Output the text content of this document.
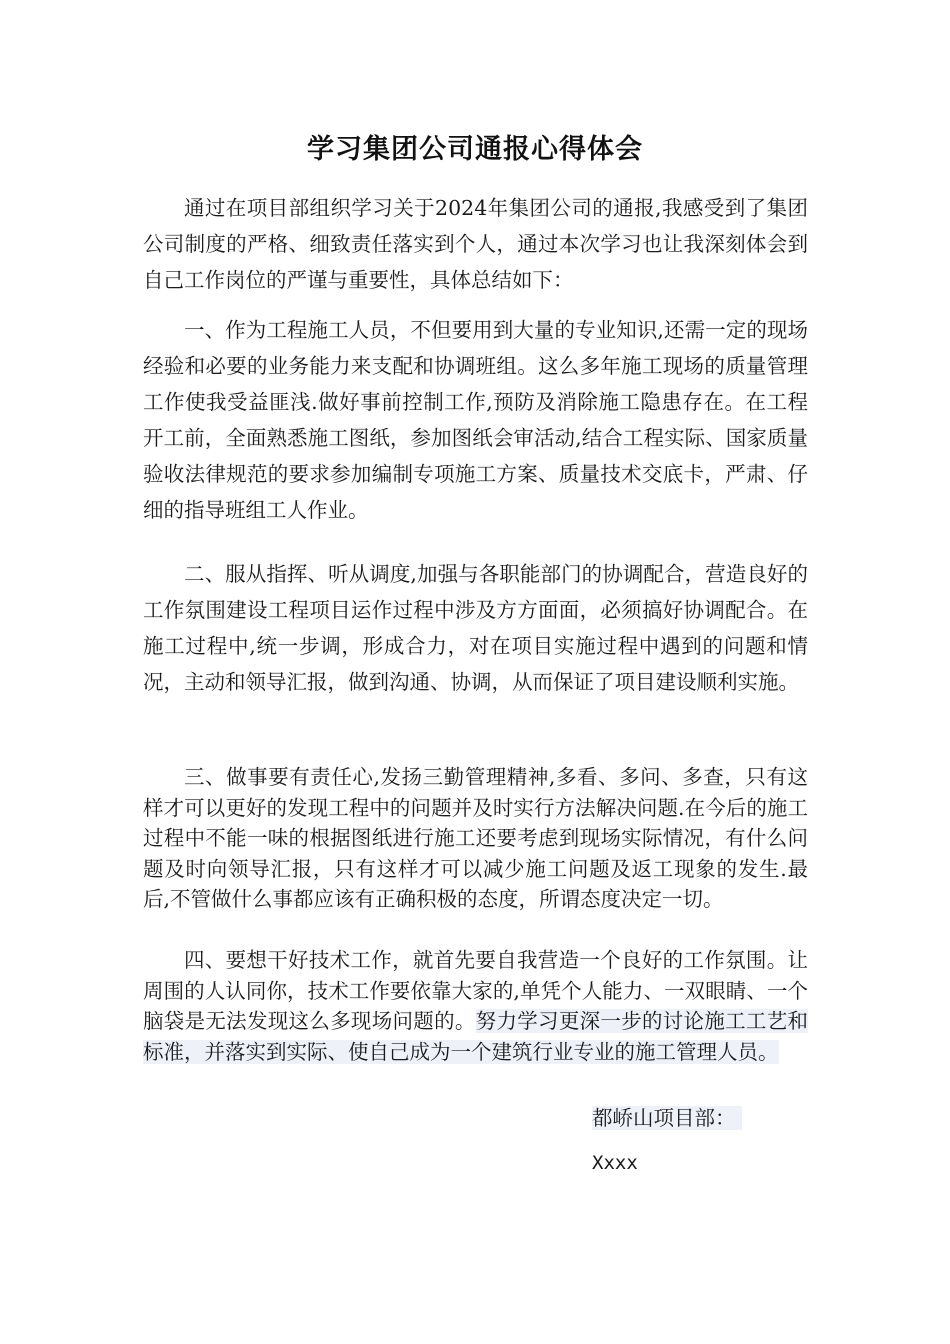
学习集团公司通报心得体会

通过在项目部组织学习关于2024年集团公司的通报,我感受到了集团公司制度的严格、细致责任落实到个人，通过本次学习也让我深刻体会到自己工作岗位的严谨与重要性，具体总结如下：

一、作为工程施工人员，不但要用到大量的专业知识,还需一定的现场经验和必要的业务能力来支配和协调班组。这么多年施工现场的质量管理工作使我受益匪浅.做好事前控制工作,预防及消除施工隐患存在。在工程开工前，全面熟悉施工图纸，参加图纸会审活动,结合工程实际、国家质量验收法律规范的要求参加编制专项施工方案、质量技术交底卡，严肃、仔细的指导班组工人作业。

二、服从指挥、听从调度,加强与各职能部门的协调配合，营造良好的工作氛围建设工程项目运作过程中涉及方方面面，必须搞好协调配合。在施工过程中,统一步调，形成合力，对在项目实施过程中遇到的问题和情况，主动和领导汇报，做到沟通、协调，从而保证了项目建设顺利实施。

三、做事要有责任心,发扬三勤管理精神,多看、多问、多查，只有这样才可以更好的发现工程中的问题并及时实行方法解决问题.在今后的施工过程中不能一味的根据图纸进行施工还要考虑到现场实际情况，有什么问题及时向领导汇报，只有这样才可以减少施工问题及返工现象的发生.最后,不管做什么事都应该有正确积极的态度，所谓态度决定一切。

四、要想干好技术工作，就首先要自我营造一个良好的工作氛围。让周围的人认同你，技术工作要依靠大家的,单凭个人能力、一双眼睛、一个脑袋是无法发现这么多现场问题的。努力学习更深一步的讨论施工工艺和标准，并落实到实际、使自己成为一个建筑行业专业的施工管理人员。

都峤山项目部：
Xxxx
